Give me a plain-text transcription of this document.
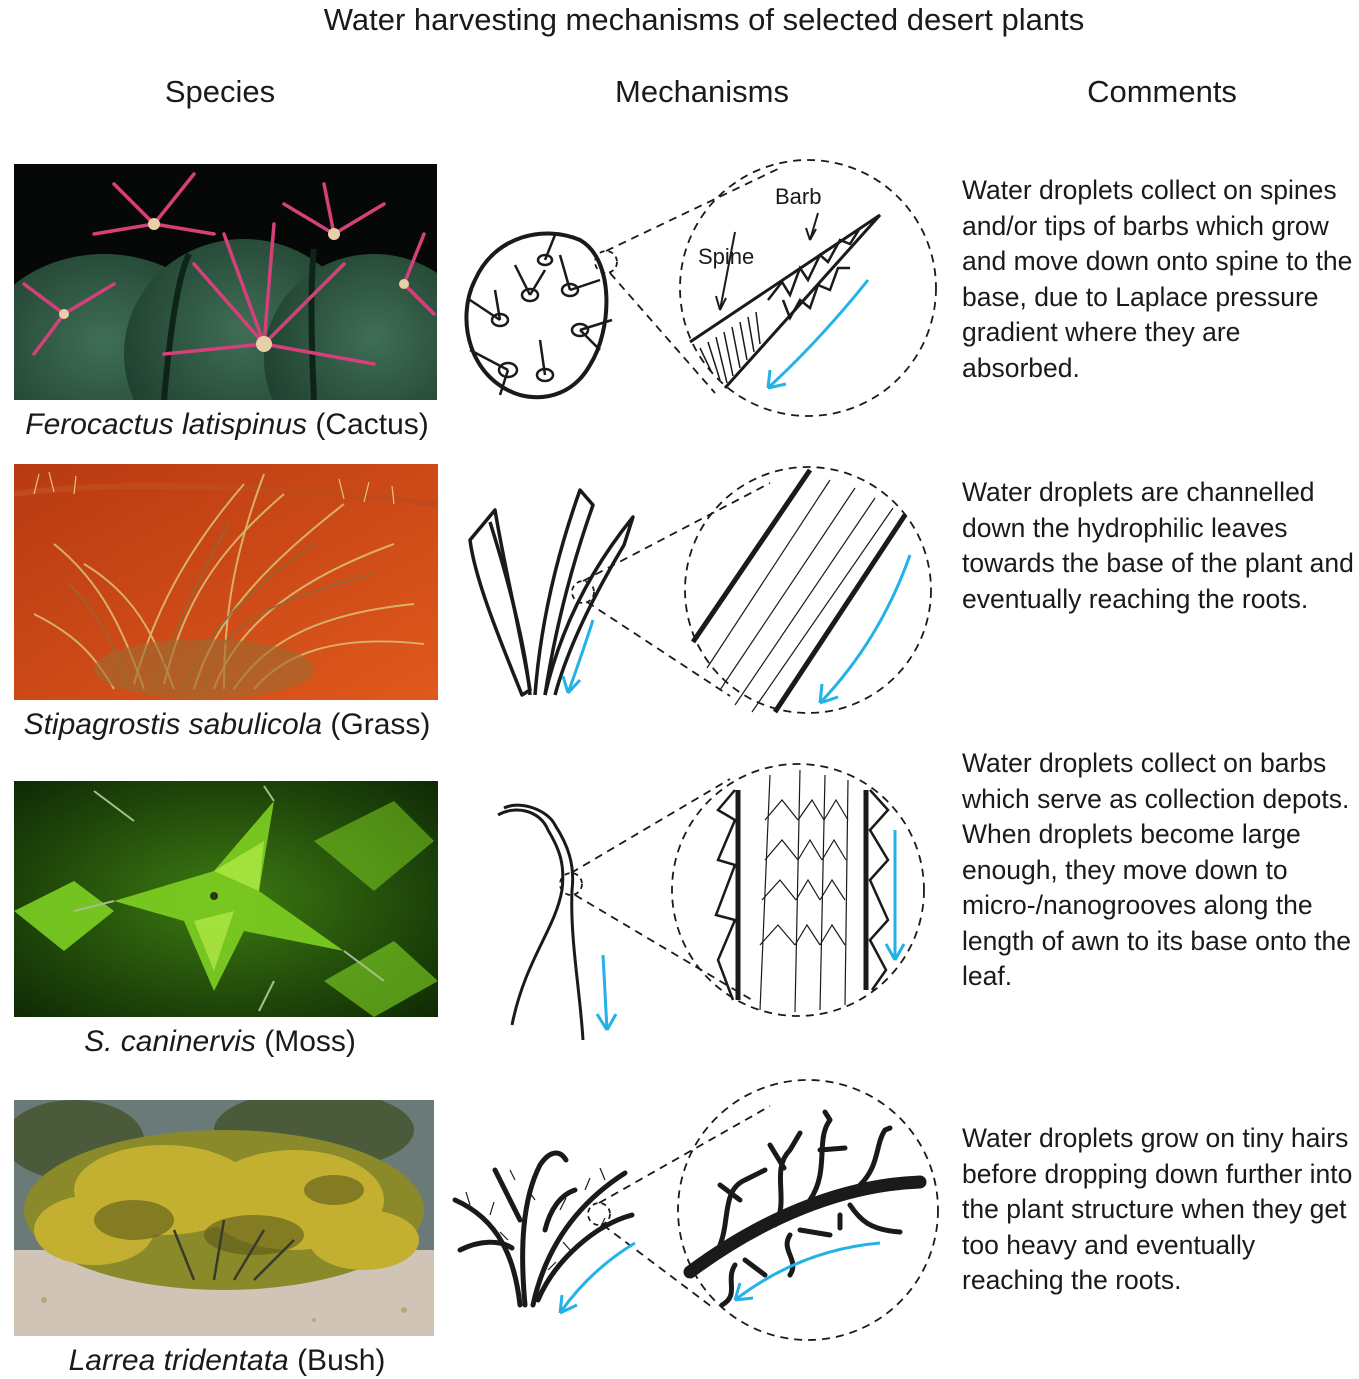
Water harvesting mechanisms of selected desert plants
Species	Mechanisms	Comments
Ferocactus latispinus (Cactus)
Barb
Spine
Water droplets collect on spines and/or tips of barbs which grow and move down onto spine to the base, due to Laplace pressure gradient where they are absorbed.
Stipagrostis sabulicola (Grass)
Water droplets are channelled down the hydrophilic leaves towards the base of the plant and eventually reaching the roots.
S. caninervis (Moss)
Water droplets collect on barbs which serve as collection depots. When droplets become large enough, they move down to micro-/nanogrooves along the length of awn to its base onto the leaf.
Larrea tridentata (Bush)
Water droplets grow on tiny hairs before dropping down further into the plant structure when they get too heavy and eventually reaching the roots.
